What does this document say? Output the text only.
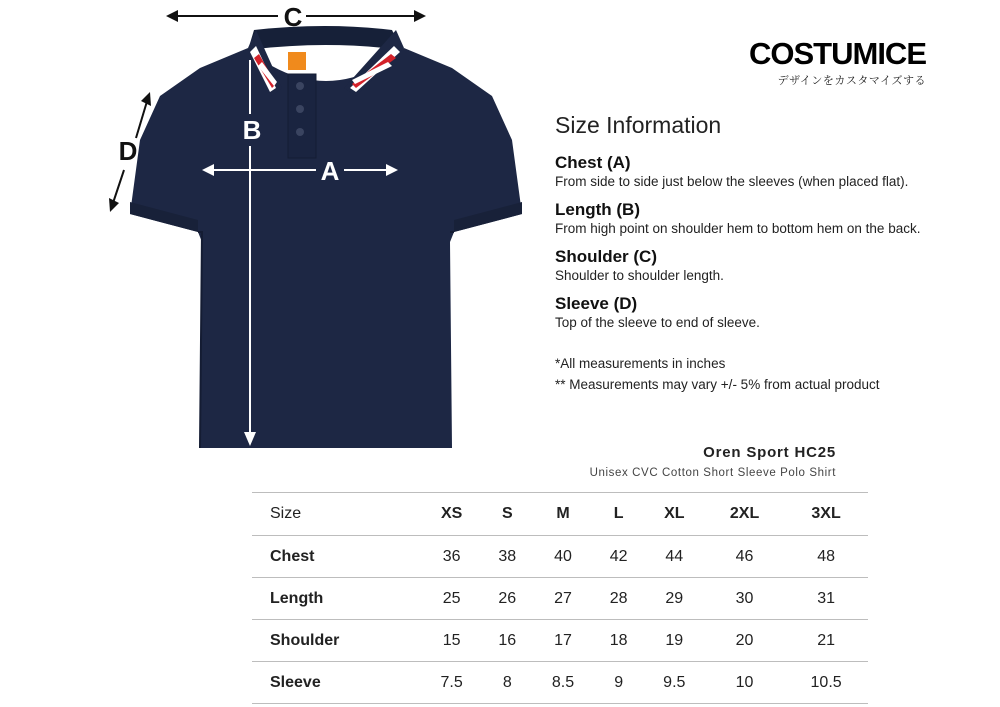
C
D
B
A
COSTUMICE
デザインをカスタマイズする
Size Information
Chest (A)
From side to side just below the sleeves (when placed flat).
Length (B)
From high point on shoulder hem to bottom hem on the back.
Shoulder (C)
Shoulder to shoulder length.
Sleeve (D)
Top of the sleeve to end of sleeve.
*All measurements in inches
** Measurements may vary +/- 5% from actual product
Oren Sport HC25
Unisex CVC Cotton Short Sleeve Polo Shirt
Size	XS	S	M	L	XL	2XL	3XL
Chest	36	38	40	42	44	46	48
Length	25	26	27	28	29	30	31
Shoulder	15	16	17	18	19	20	21
Sleeve	7.5	8	8.5	9	9.5	10	10.5
